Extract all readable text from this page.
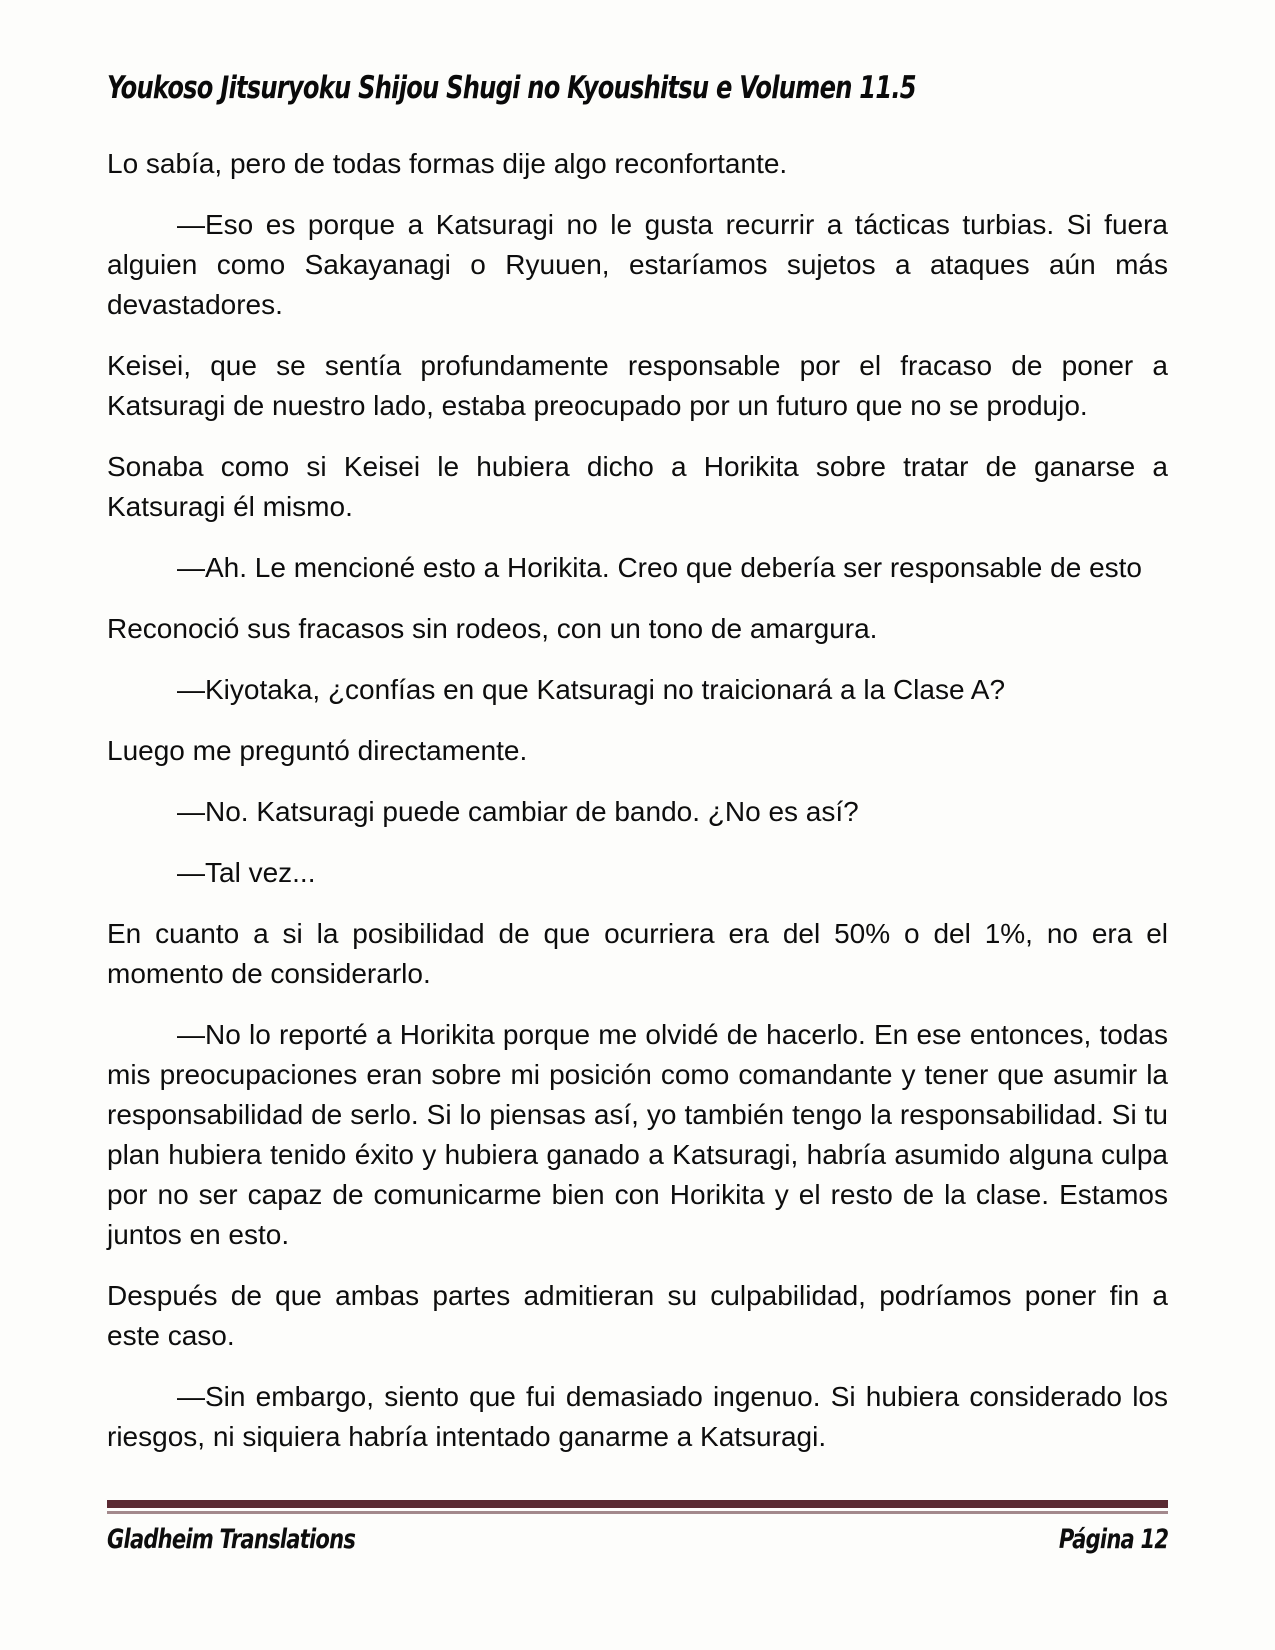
Youkoso Jitsuryoku Shijou Shugi no Kyoushitsu e Volumen 11.5

Lo sabía, pero de todas formas dije algo reconfortante.

—Eso es porque a Katsuragi no le gusta recurrir a tácticas turbias. Si fuera alguien como Sakayanagi o Ryuuen, estaríamos sujetos a ataques aún más devastadores.

Keisei, que se sentía profundamente responsable por el fracaso de poner a Katsuragi de nuestro lado, estaba preocupado por un futuro que no se produjo.

Sonaba como si Keisei le hubiera dicho a Horikita sobre tratar de ganarse a Katsuragi él mismo.

—Ah. Le mencioné esto a Horikita. Creo que debería ser responsable de esto

Reconoció sus fracasos sin rodeos, con un tono de amargura.

—Kiyotaka, ¿confías en que Katsuragi no traicionará a la Clase A?

Luego me preguntó directamente.

—No. Katsuragi puede cambiar de bando. ¿No es así?

—Tal vez...

En cuanto a si la posibilidad de que ocurriera era del 50% o del 1%, no era el momento de considerarlo.

—No lo reporté a Horikita porque me olvidé de hacerlo. En ese entonces, todas mis preocupaciones eran sobre mi posición como comandante y tener que asumir la responsabilidad de serlo. Si lo piensas así, yo también tengo la responsabilidad. Si tu plan hubiera tenido éxito y hubiera ganado a Katsuragi, habría asumido alguna culpa por no ser capaz de comunicarme bien con Horikita y el resto de la clase. Estamos juntos en esto.

Después de que ambas partes admitieran su culpabilidad, podríamos poner fin a este caso.

—Sin embargo, siento que fui demasiado ingenuo. Si hubiera considerado los riesgos, ni siquiera habría intentado ganarme a Katsuragi.

Gladheim Translations	Página 12
